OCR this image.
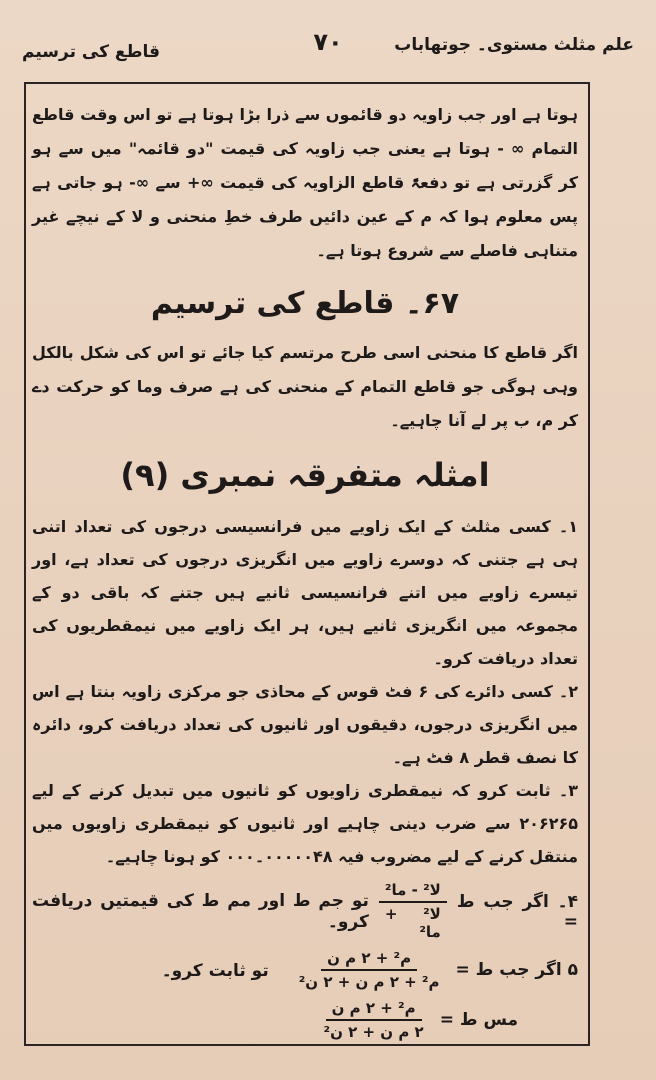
علم مثلث مستوی۔ جوتھاباب
۷۰
قاطع کی ترسیم

ہوتا ہے اور جب زاویہ دو قائموں سے ذرا بڑا ہوتا ہے تو اس وقت قاطع التمام ∞ - ہوتا ہے یعنی جب زاویہ کی قیمت "دو قائمہ" میں سے ہو کر گزرتی ہے تو دفعۃً قاطع الزاویہ کی قیمت ∞+ سے ∞- ہو جاتی ہے پس معلوم ہوا کہ م کے عین دائیں طرف خطِ منحنی و لا کے نیچے غیر متناہی فاصلے سے شروع ہوتا ہے۔

۶۷۔ قاطع کی ترسیم

اگر قاطع کا منحنی اسی طرح مرتسم کیا جائے تو اس کی شکل بالکل وہی ہوگی جو قاطع التمام کے منحنی کی ہے صرف وما کو حرکت دے کر م، ب پر لے آنا چاہیے۔

امثلہ متفرقہ نمبری (۹)

۱۔ کسی مثلث کے ایک زاویے میں فرانسیسی درجوں کی تعداد اتنی ہی ہے جتنی کہ دوسرے زاویے میں انگریزی درجوں کی تعداد ہے، اور تیسرے زاویے میں اتنے فرانسیسی ثانیے ہیں جتنے کہ باقی دو کے مجموعہ میں انگریزی ثانیے ہیں، ہر ایک زاویے میں نیمقطریوں کی تعداد دریافت کرو۔

۲۔ کسی دائرے کی ۶ فٹ قوس کے محاذی جو مرکزی زاویہ بنتا ہے اس میں انگریزی درجوں، دقیقوں اور ثانیوں کی تعداد دریافت کرو، دائرہ کا نصف قطر ۸ فٹ ہے۔

۳۔ ثابت کرو کہ نیمقطری زاویوں کو ثانیوں میں تبدیل کرنے کے لیے ۲۰۶۲۶۵ سے ضرب دینی چاہیے اور ثانیوں کو نیمقطری زاویوں میں منتقل کرنے کے لیے مضروب فیہ ۰۰۰۰۰۴۸۔۰۰۰ کو ہونا چاہیے۔

۴۔ اگر جب ط =
$\frac{\text{لا² - ما²}}{\text{لا² + ما²}}$
تو جم ط اور مم ط کی قیمتیں دریافت کرو۔
۵ اگر جب ط =
$\frac{\text{م² + ۲ م ن}}{\text{م² + ۲ م ن + ۲ ن²}}$
تو ثابت کرو۔
مس ط =
$\frac{\text{م² + ۲ م ن}}{\text{۲ م ن + ۲ ن²}}$
